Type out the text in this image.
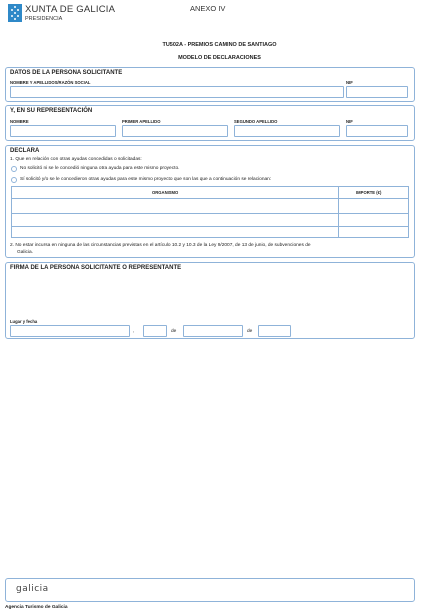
XUNTA DE GALICIA
PRESIDENCIA
ANEXO IV
TU502A - PREMIOS CAMINO DE SANTIAGO
MODELO DE DECLARACIONES
DATOS DE LA PERSONA SOLICITANTE
NOMBRE Y APELLIDOS/RAZÓN SOCIAL	NIF
Y, EN SU REPRESENTACIÓN
NOMBRE	PRIMER APELLIDO	SEGUNDO APELLIDO	NIF
DECLARA
1. Que en relación con otras ayudas concedidas o solicitadas:
No solicitó ni se le concedió ninguna otra ayuda para este mismo proyecto.
Sí solicitó y/o se le concedieron otras ayudas para este mismo proyecto que son las que a continuación se relacionan:
ORGANISMO	IMPORTE (€)
2. No estar incursa en ninguna de las circunstancias previstas en el artículo 10.2 y 10.3 de la Ley 9/2007, de 13 de junio, de subvenciones de
Galicia.
FIRMA DE LA PERSONA SOLICITANTE O REPRESENTANTE
Lugar y fecha
,	de	de
galicia
Agencia Turismo de Galicia
